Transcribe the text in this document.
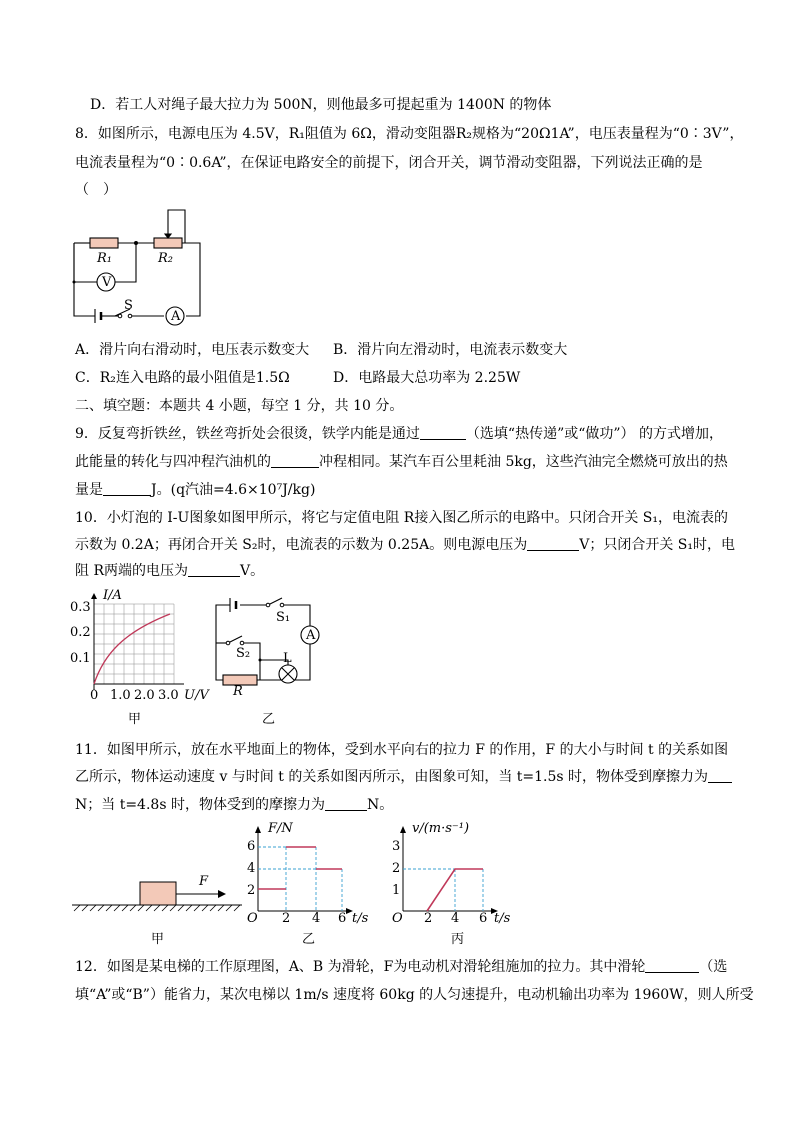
D．若工人对绳子最大拉力为 500N，则他最多可提起重为 1400N 的物体
8．如图所示，电源电压为 4.5V，R₁阻值为 6Ω，滑动变阻器R₂规格为“20Ω1A”，电压表量程为“0∶3V”，
电流表量程为“0∶0.6A”，在保证电路安全的前提下，闭合开关，调节滑动变阻器，下列说法正确的是
（　）
R₁	R₂
V
S
A
A．滑片向右滑动时，电压表示数变大 B．滑片向左滑动时，电流表示数变大
C．R₂连入电路的最小阻值是1.5Ω	D．电路最大总功率为 2.25W
二、填空题：本题共 4 小题，每空 1 分，共 10 分。
9．反复弯折铁丝，铁丝弯折处会很烫，铁学内能是通过	（选填“热传递”或“做功”） 的方式增加，
此能量的转化与四冲程汽油机的	冲程相同。某汽车百公里耗油 5kg，这些汽油完全燃烧可放出的热
量是	J。(q汽油=4.6×10⁷J/kg)
10．小灯泡的 I-U图象如图甲所示，将它与定值电阻 R接入图乙所示的电路中。只闭合开关 S₁，电流表的
示数为 0.2A；再闭合开关 S₂时，电流表的示数为 0.25A。则电源电压为	V；只闭合开关 S₁时，电
阻 R两端的电压为	V。
I/A
0.3
0.2
0.1
0 1.0 2.0 3.0 U/V
甲
S₁
A
S₂	L
R
乙
11．如图甲所示，放在水平地面上的物体，受到水平向右的拉力 F 的作用，F 的大小与时间 t 的关系如图
乙所示，物体运动速度 v 与时间 t 的关系如图丙所示，由图象可知，当 t=1.5s 时，物体受到摩擦力为
N；当 t=4.8s 时，物体受到的摩擦力为	N。
F
甲
F/N
6
4
2
O 2 4 6 t/s
乙
v/(m·s⁻¹)
3
2
1
O 2 4 6 t/s
丙
12．如图是某电梯的工作原理图，A、B 为滑轮，F为电动机对滑轮组施加的拉力。其中滑轮	（选
填“A”或“B”）能省力，某次电梯以 1m/s 速度将 60kg 的人匀速提升，电动机输出功率为 1960W，则人所受
